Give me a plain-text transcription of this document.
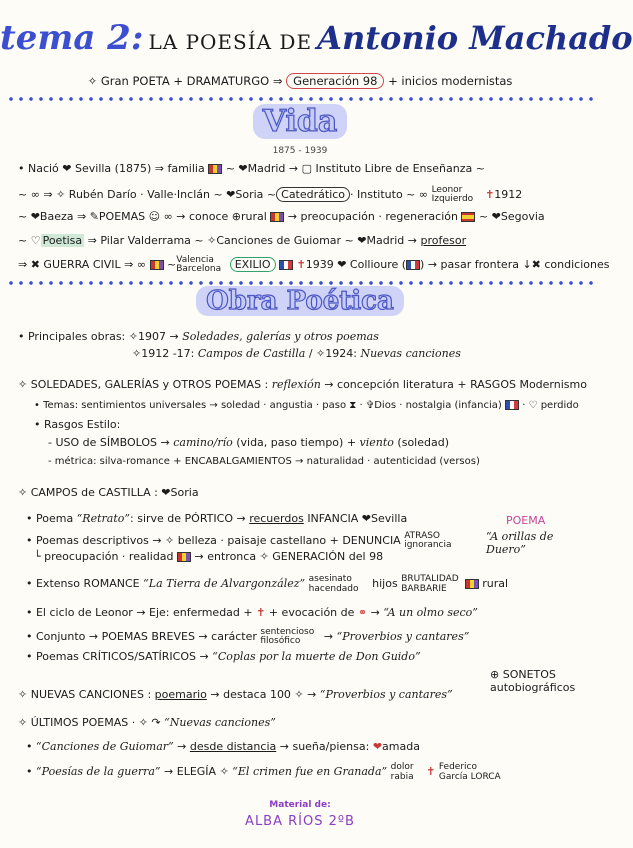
tema 2: LA POESÍA DE Antonio Machado
✧ Gran POETA + DRAMATURGO ⇒ Generación 98 + inicios modernistas
Vida
1875 - 1939
• Nació ❤ Sevilla (1875) ⇒ familia ~ ❤Madrid → ▢ Instituto Libre de Enseñanza ~
~ ∞ ⇒ ✧ Rubén Darío · Valle·Inclán ~ ❤Soria ~ Catedrático · Instituto ~ ∞ Leonor Izquierdo ✝1912
~ ❤Baeza ⇒ ✎POEMAS ☺ ∞ → conoce ⊕rural → preocupación · regeneración ~ ❤Segovia
~ ♡ Poetisa ⇒ Pilar Valderrama ~ ✧Canciones de Guiomar ~ ❤Madrid → profesor
⇒ ✖ GUERRA CIVIL ⇒ ∞  ~Valencia Barcelona EXILIO ✝1939 ❤ Collioure ( ) → pasar frontera ↓✖ condiciones
Obra Poética
• Principales obras: ✧1907 → Soledades, galerías y otros poemas
✧1912 -17: Campos de Castilla / ✧1924: Nuevas canciones
✧ SOLEDADES, GALERÍAS y OTROS POEMAS : reflexión → concepción literatura + RASGOS Modernismo
• Temas: sentimientos universales → soledad · angustia · paso ⧗ · ✞Dios · nostalgia (infancia) · ♡ perdido
• Rasgos Estilo:
- USO de SÍMBOLOS → camino/río (vida, paso tiempo) + viento (soledad)
- métrica: silva-romance + ENCABALGAMIENTOS → naturalidad · autenticidad (versos)
✧ CAMPOS de CASTILLA : ❤Soria
• Poema “Retrato”: sirve de PÓRTICO → recuerdos INFANCIA ❤Sevilla
• Poemas descriptivos → ✧ belleza · paisaje castellano + DENUNCIA ATRASO ignorancia
└ preocupación · realidad → entronca ✧ GENERACIÓN del 98
POEMA
“A orillas de Duero”
• Extenso ROMANCE “La Tierra de Alvargonzález” asesinato hacendado hijos BRUTALIDAD BARBARIE	rural
• El ciclo de Leonor → Eje: enfermedad + ✝ + evocación de ⚭ → “A un olmo seco”
• Conjunto → POEMAS BREVES → carácter sentencioso filosófico → “Proverbios y cantares”
• Poemas CRÍTICOS/SATÍRICOS → “Coplas por la muerte de Don Guido”
⊕ SONETOS autobiográficos
✧ NUEVAS CANCIONES : poemario → destaca 100 ✧ → “Proverbios y cantares”
✧ ÚLTIMOS POEMAS · ✧ ↷ “Nuevas canciones”
• “Canciones de Guiomar” → desde distancia → sueña/piensa: ❤amada
• “Poesías de la guerra” → ELEGÍA ✧ “El crimen fue en Granada” dolor rabia ✝ Federico García LORCA
Material de:
ALBA RÍOS 2ºB
